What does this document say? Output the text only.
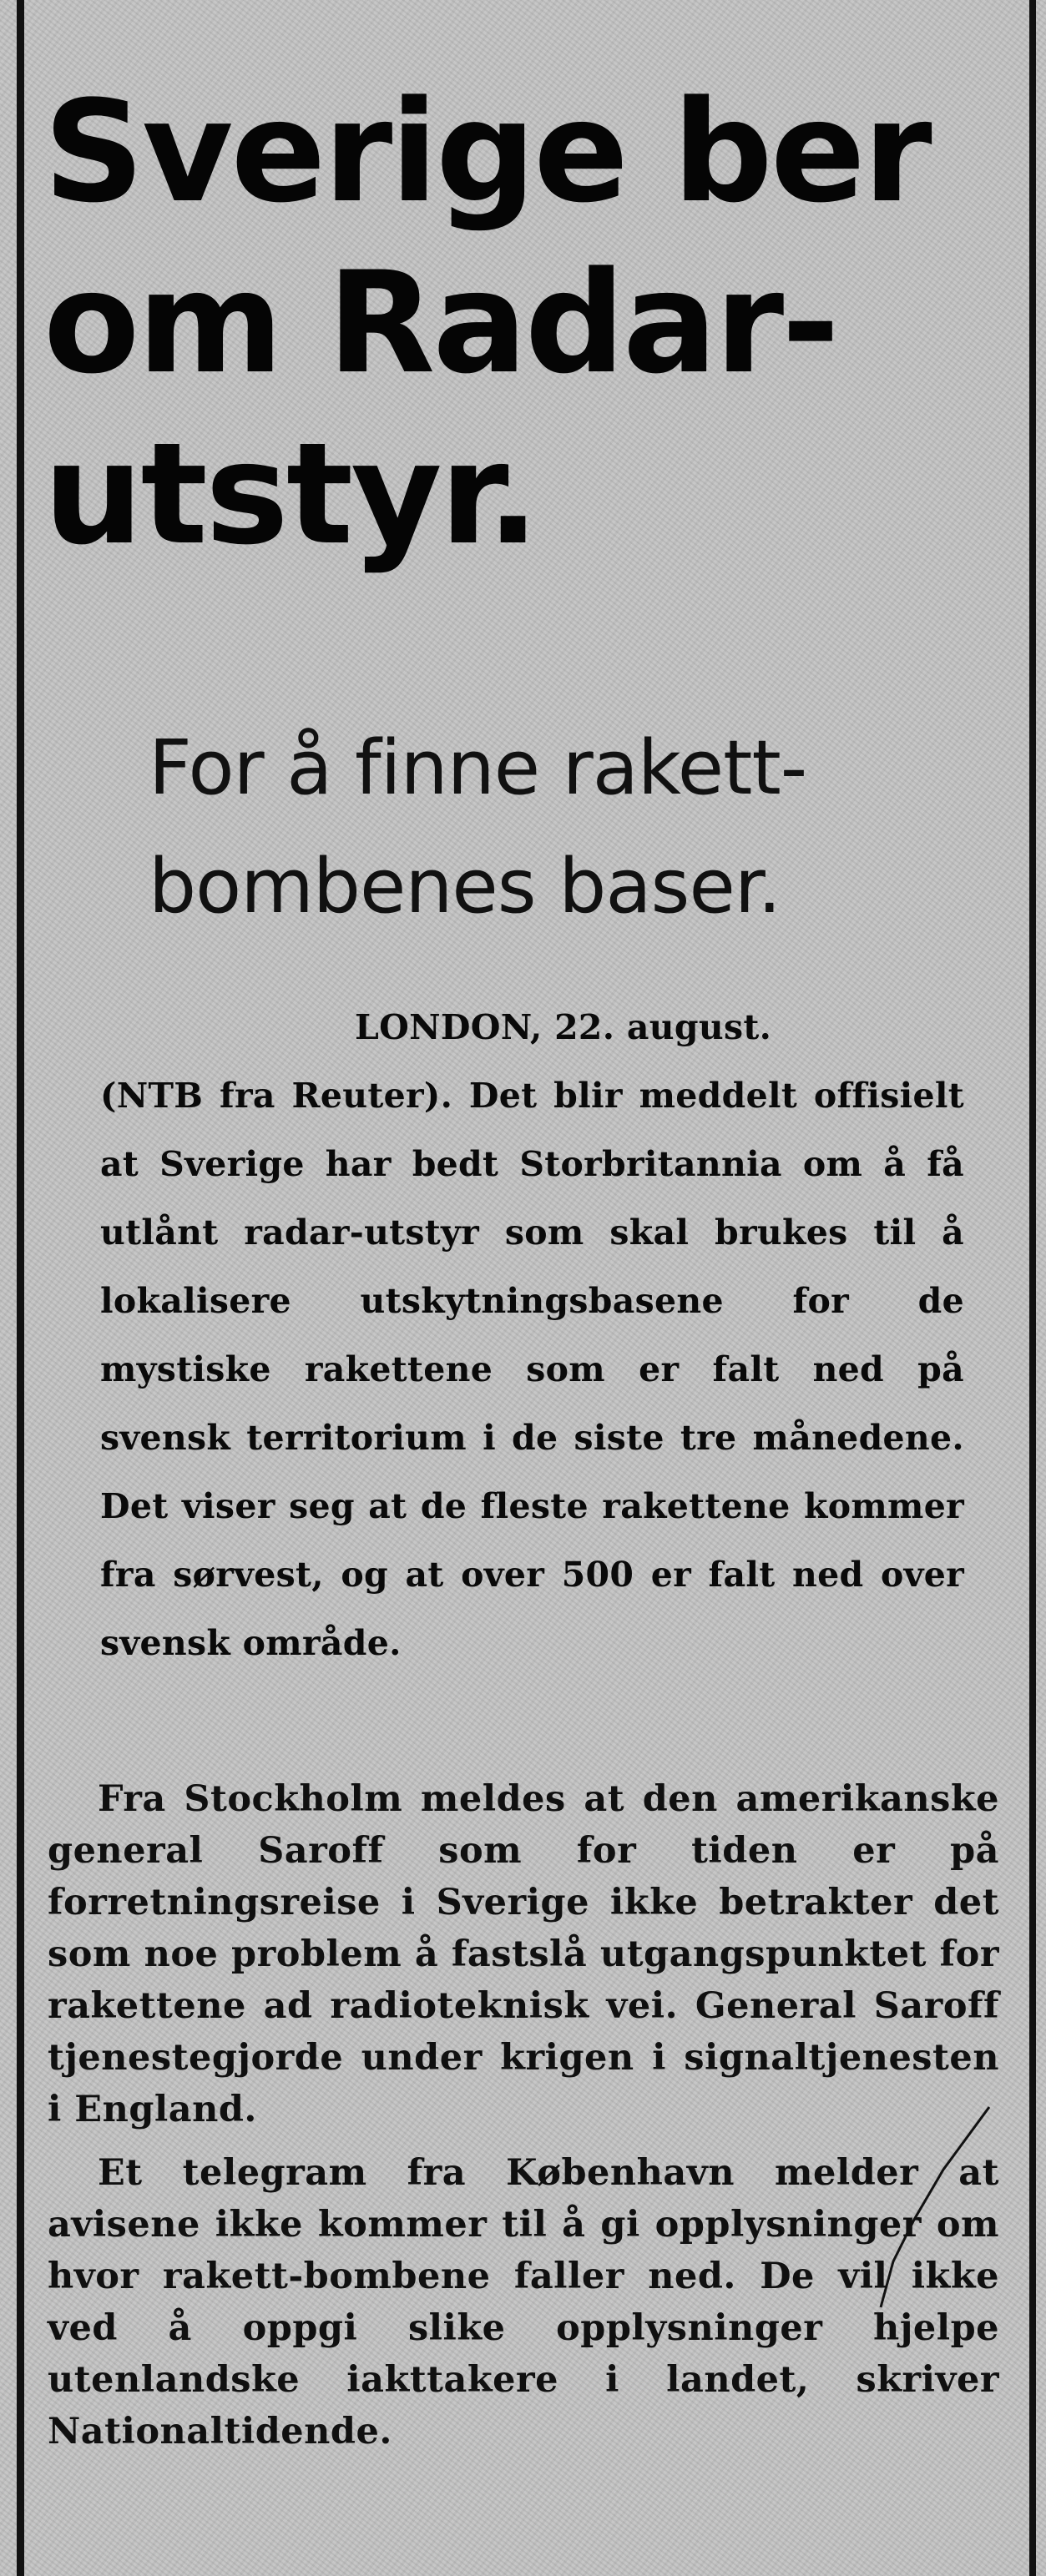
Sverige ber
om Radar-
utstyr.
For å finne rakett-
bombenes baser.
LONDON, 22. august.
(NTB fra Reuter). Det blir meddelt offisielt at Sverige har bedt Storbritannia om å få utlånt radar-utstyr som skal brukes til å lokalisere utskytningsbasene for de mystiske rakettene som er falt ned på svensk territorium i de siste tre månedene. Det viser seg at de fleste rakettene kommer fra sørvest, og at over 500 er falt ned over svensk område.
Fra Stockholm meldes at den amerikanske general Saroff som for tiden er på forretningsreise i Sverige ikke betrakter det som noe problem å fastslå utgangspunktet for rakettene ad radioteknisk vei. General Saroff tjenestegjorde under krigen i signaltjenesten i England.
Et telegram fra København melder at avisene ikke kommer til å gi opplysninger om hvor rakett-bombene faller ned. De vil ikke ved å oppgi slike opplysninger hjelpe utenlandske iakttakere i landet, skriver Nationaltidende.
